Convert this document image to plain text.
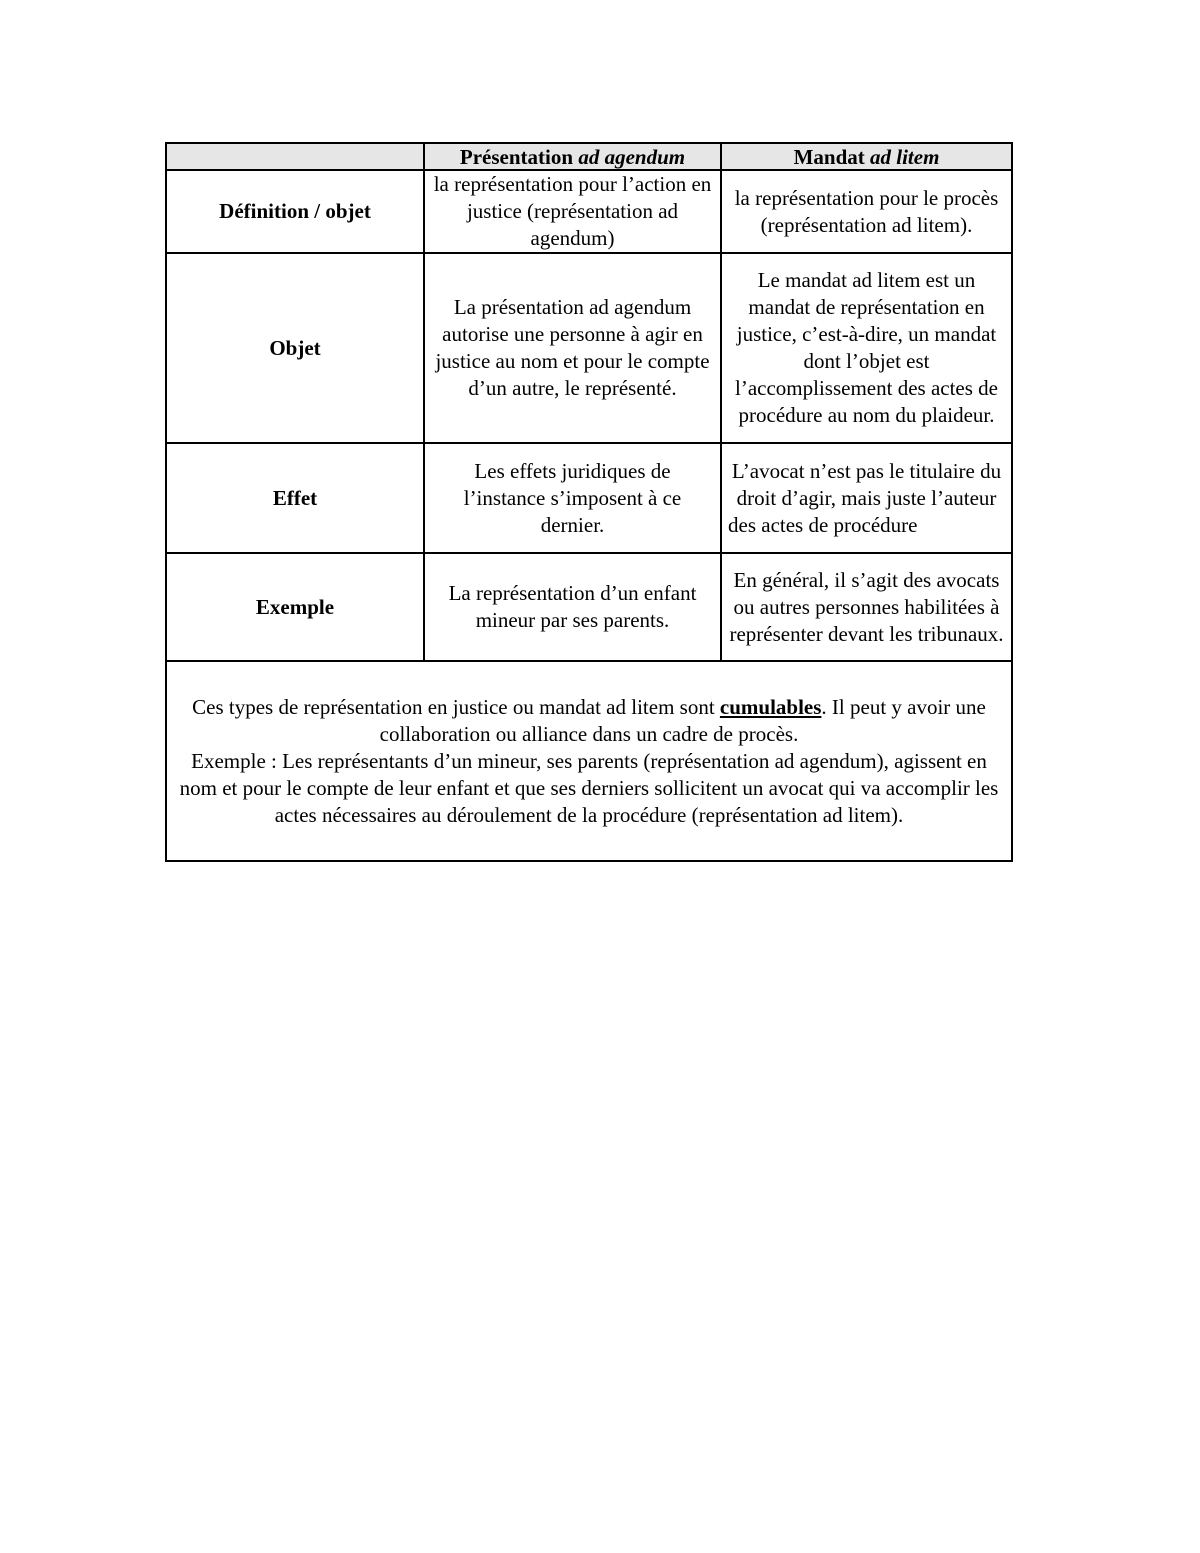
	Présentation ad agendum	Mandat ad litem
Définition / objet	la représentation pour l’action en justice (représentation ad agendum)	la représentation pour le procès (représentation ad litem).
Objet	La présentation ad agendum autorise une personne à agir en justice au nom et pour le compte d’un autre, le représenté.	Le mandat ad litem est un mandat de représentation en justice, c’est-à-dire, un mandat dont l’objet est l’accomplissement des actes de procédure au nom du plaideur.
Effet	Les effets juridiques de l’instance s’imposent à ce dernier.	L’avocat n’est pas le titulaire du droit d’agir, mais juste l’auteur des actes de procédure
Exemple	La représentation d’un enfant mineur par ses parents.	En général, il s’agit des avocats ou autres personnes habilitées à représenter devant les tribunaux.

Ces types de représentation en justice ou mandat ad litem sont cumulables. Il peut y avoir une collaboration ou alliance dans un cadre de procès.
Exemple : Les représentants d’un mineur, ses parents (représentation ad agendum), agissent en nom et pour le compte de leur enfant et que ses derniers sollicitent un avocat qui va accomplir les actes nécessaires au déroulement de la procédure (représentation ad litem).		
